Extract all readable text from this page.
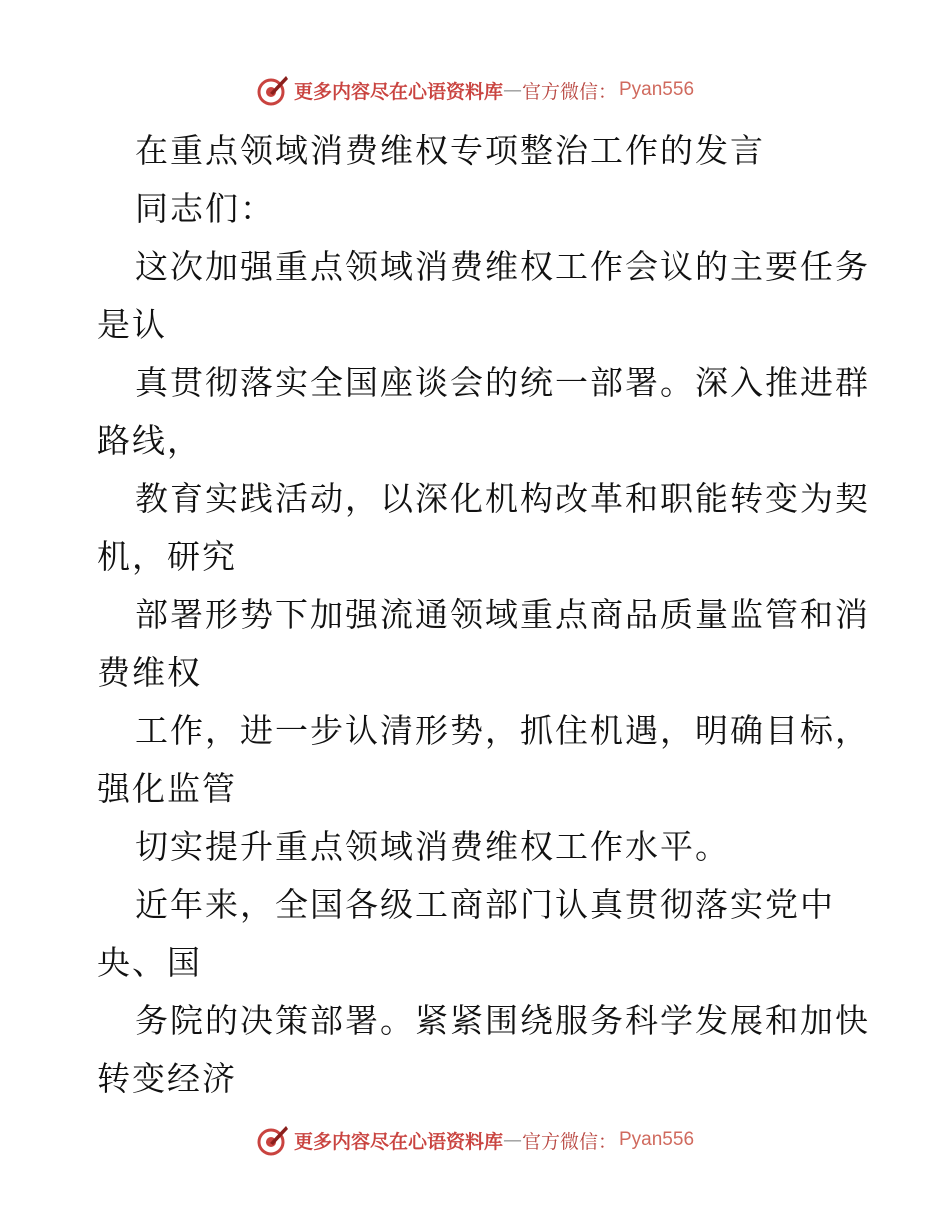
更多内容尽在心语资料库 — 官方微信： Pyan556
在重点领域消费维权专项整治工作的发言
同志们：
这次加强重点领域消费维权工作会议的主要任务
是认
真贯彻落实全国座谈会的统一部署。深入推进群
路线，
教育实践活动，以深化机构改革和职能转变为契
机，研究
部署形势下加强流通领域重点商品质量监管和消
费维权
工作，进一步认清形势，抓住机遇，明确目标，
强化监管
切实提升重点领域消费维权工作水平。
近年来，全国各级工商部门认真贯彻落实党中
央、国
务院的决策部署。紧紧围绕服务科学发展和加快
转变经济
更多内容尽在心语资料库 — 官方微信： Pyan556
